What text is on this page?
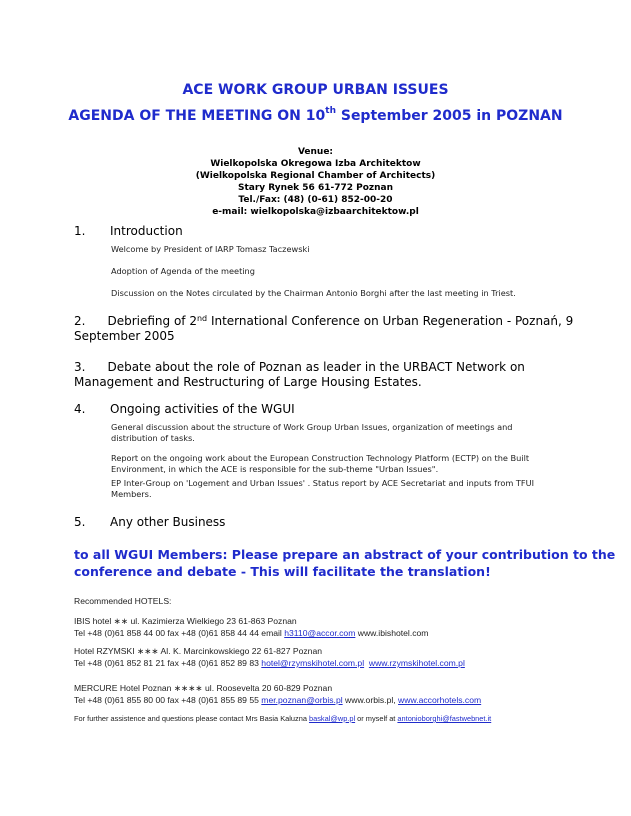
ACE WORK GROUP URBAN ISSUES
AGENDA OF THE MEETING ON 10th September 2005 in POZNAN
Venue:
Wielkopolska Okregowa Izba Architektow
(Wielkopolska Regional Chamber of Architects)
Stary Rynek 56 61-772 Poznan
Tel./Fax: (48) (0-61) 852-00-20
e-mail: wielkopolska@izbaarchitektow.pl
1. Introduction
Welcome by President of IARP Tomasz Taczewski
Adoption of Agenda of the meeting
Discussion on the Notes circulated by the Chairman Antonio Borghi after the last meeting in Triest.
2. Debriefing of 2nd International Conference on Urban Regeneration - Poznań, 9
September 2005
3. Debate about the role of Poznan as leader in the URBACT Network on
Management and Restructuring of Large Housing Estates.
4. Ongoing activities of the WGUI
General discussion about the structure of Work Group Urban Issues, organization of meetings and
distribution of tasks.
Report on the ongoing work about the European Construction Technology Platform (ECTP) on the Built
Environment, in which the ACE is responsible for the sub-theme "Urban Issues".
EP Inter-Group on 'Logement and Urban Issues' . Status report by ACE Secretariat and inputs from TFUI
Members.
5. Any other Business
to all WGUI Members: Please prepare an abstract of your contribution to the
conference and debate - This will facilitate the translation!
Recommended HOTELS:
IBIS hotel ∗∗ ul. Kazimierza Wielkiego 23 61-863 Poznan
Tel +48 (0)61 858 44 00 fax +48 (0)61 858 44 44 email h3110@accor.com www.ibishotel.com
Hotel RZYMSKI ∗∗∗ Al. K. Marcinkowskiego 22 61-827 Poznan
Tel +48 (0)61 852 81 21 fax +48 (0)61 852 89 83 hotel@rzymskihotel.com.pl www.rzymskihotel.com.pl
MERCURE Hotel Poznan ∗∗∗∗ ul. Roosevelta 20 60-829 Poznan
Tel +48 (0)61 855 80 00 fax +48 (0)61 855 89 55 mer.poznan@orbis.pl www.orbis.pl, www.accorhotels.com
For further assistence and questions please contact Mrs Basia Kaluzna baskal@wp.pl or myself at antonioborghi@fastwebnet.it
